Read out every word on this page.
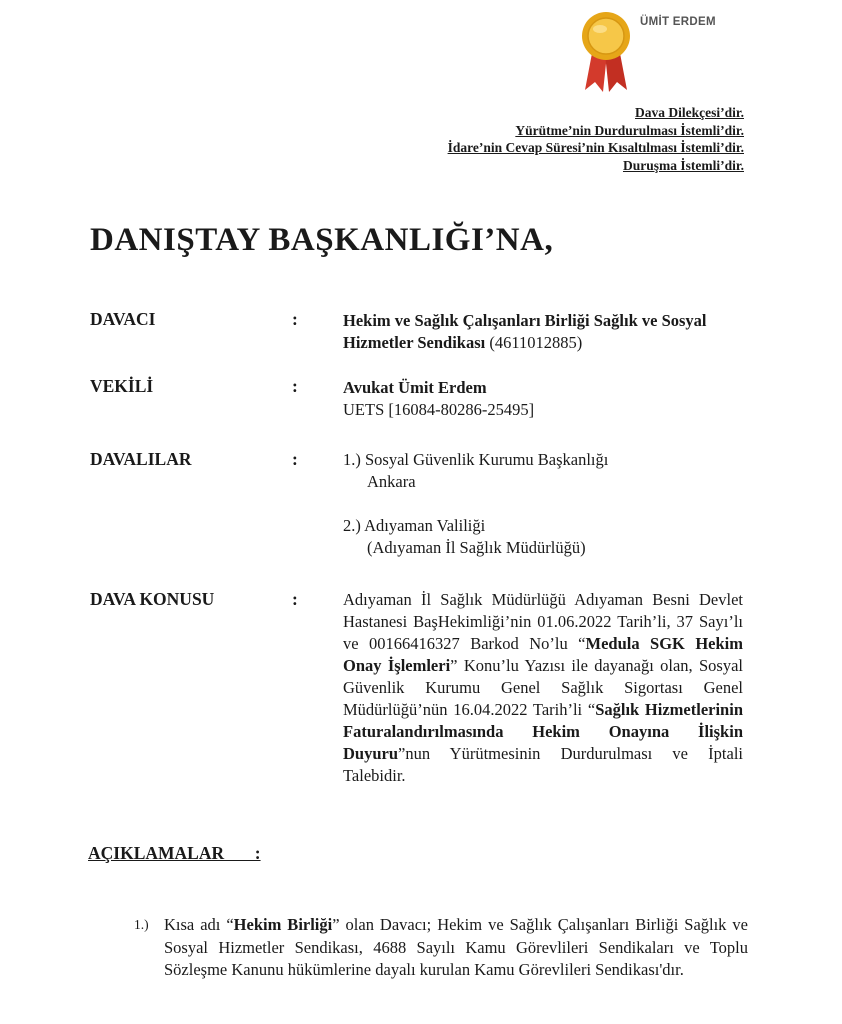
ÜMİT ERDEM
Dava Dilekçesi’dir.
Yürütme’nin Durdurulması İstemli’dir.
İdare’nin Cevap Süresi’nin Kısaltılması İstemli’dir.
Duruşma İstemli’dir.
DANIŞTAY BAŞKANLIĞI’NA,
DAVACI	:	Hekim ve Sağlık Çalışanları Birliği Sağlık ve Sosyal Hizmetler Sendikası (4611012885)
VEKİLİ	:	Avukat Ümit Erdem
UETS [16084-80286-25495]
DAVALILAR	:	1.) Sosyal Güvenlik Kurumu Başkanlığı
Ankara
2.) Adıyaman Valiliği
(Adıyaman İl Sağlık Müdürlüğü)
DAVA KONUSU	:	Adıyaman İl Sağlık Müdürlüğü Adıyaman Besni Devlet Hastanesi BaşHekimliği’nin 01.06.2022 Tarih’li, 37 Sayı’lı ve 00166416327 Barkod No’lu “Medula SGK Hekim Onay İşlemleri” Konu’lu Yazısı ile dayanağı olan, Sosyal Güvenlik Kurumu Genel Sağlık Sigortası Genel Müdürlüğü’nün 16.04.2022 Tarih’li “Sağlık Hizmetlerinin Faturalandırılmasında Hekim Onayına İlişkin Duyuru”nun Yürütmesinin Durdurulması ve İptali Talebidir.
AÇIKLAMALAR       :
1.) Kısa adı “Hekim Birliği” olan Davacı; Hekim ve Sağlık Çalışanları Birliği Sağlık ve Sosyal Hizmetler Sendikası, 4688 Sayılı Kamu Görevlileri Sendikaları ve Toplu Sözleşme Kanunu hükümlerine dayalı kurulan Kamu Görevlileri Sendikası'dır.
